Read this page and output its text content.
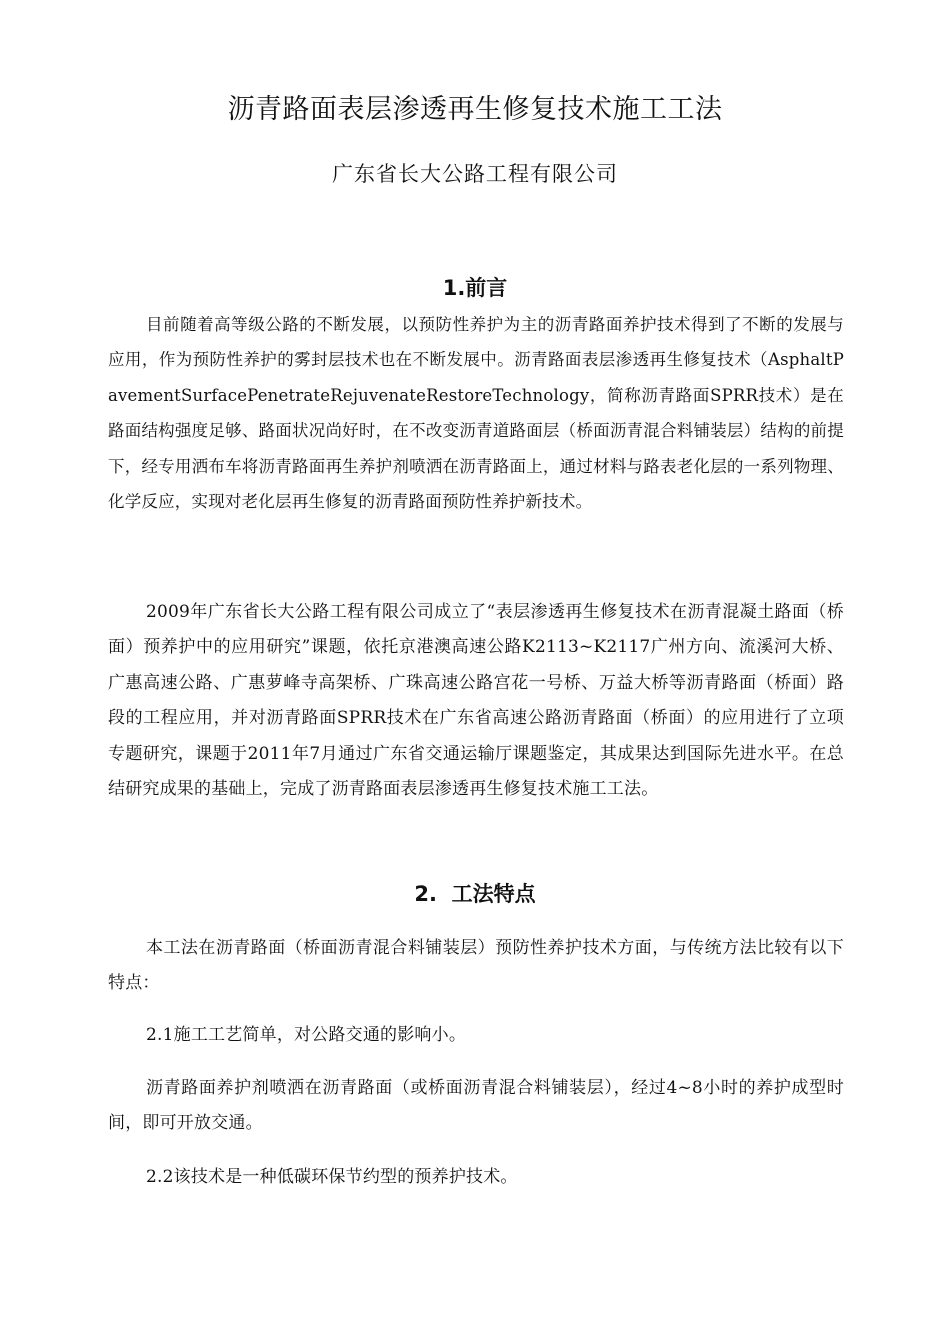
沥青路面表层渗透再生修复技术施工工法
广东省长大公路工程有限公司
1.前言

目前随着高等级公路的不断发展，以预防性养护为主的沥青路面养护技术得到了不断的发展与应用，作为预防性养护的雾封层技术也在不断发展中。沥青路面表层渗透再生修复技术（AsphaltPavementSurfacePenetrateRejuvenateRestoreTechnology，简称沥青路面SPRR技术）是在路面结构强度足够、路面状况尚好时，在不改变沥青道路面层（桥面沥青混合料铺装层）结构的前提下，经专用洒布车将沥青路面再生养护剂喷洒在沥青路面上，通过材料与路表老化层的一系列物理、化学反应，实现对老化层再生修复的沥青路面预防性养护新技术。

2009年广东省长大公路工程有限公司成立了“表层渗透再生修复技术在沥青混凝土路面（桥面）预养护中的应用研究”课题，依托京港澳高速公路K2113~K2117广州方向、流溪河大桥、广惠高速公路、广惠萝峰寺高架桥、广珠高速公路宫花一号桥、万益大桥等沥青路面（桥面）路段的工程应用，并对沥青路面SPRR技术在广东省高速公路沥青路面（桥面）的应用进行了立项专题研究，课题于2011年7月通过广东省交通运输厅课题鉴定，其成果达到国际先进水平。在总结研究成果的基础上，完成了沥青路面表层渗透再生修复技术施工工法。

2.  工法特点

本工法在沥青路面（桥面沥青混合料铺装层）预防性养护技术方面，与传统方法比较有以下特点：

2.1施工工艺简单，对公路交通的影响小。

沥青路面养护剂喷洒在沥青路面（或桥面沥青混合料铺装层），经过4~8小时的养护成型时间，即可开放交通。

2.2该技术是一种低碳环保节约型的预养护技术。
